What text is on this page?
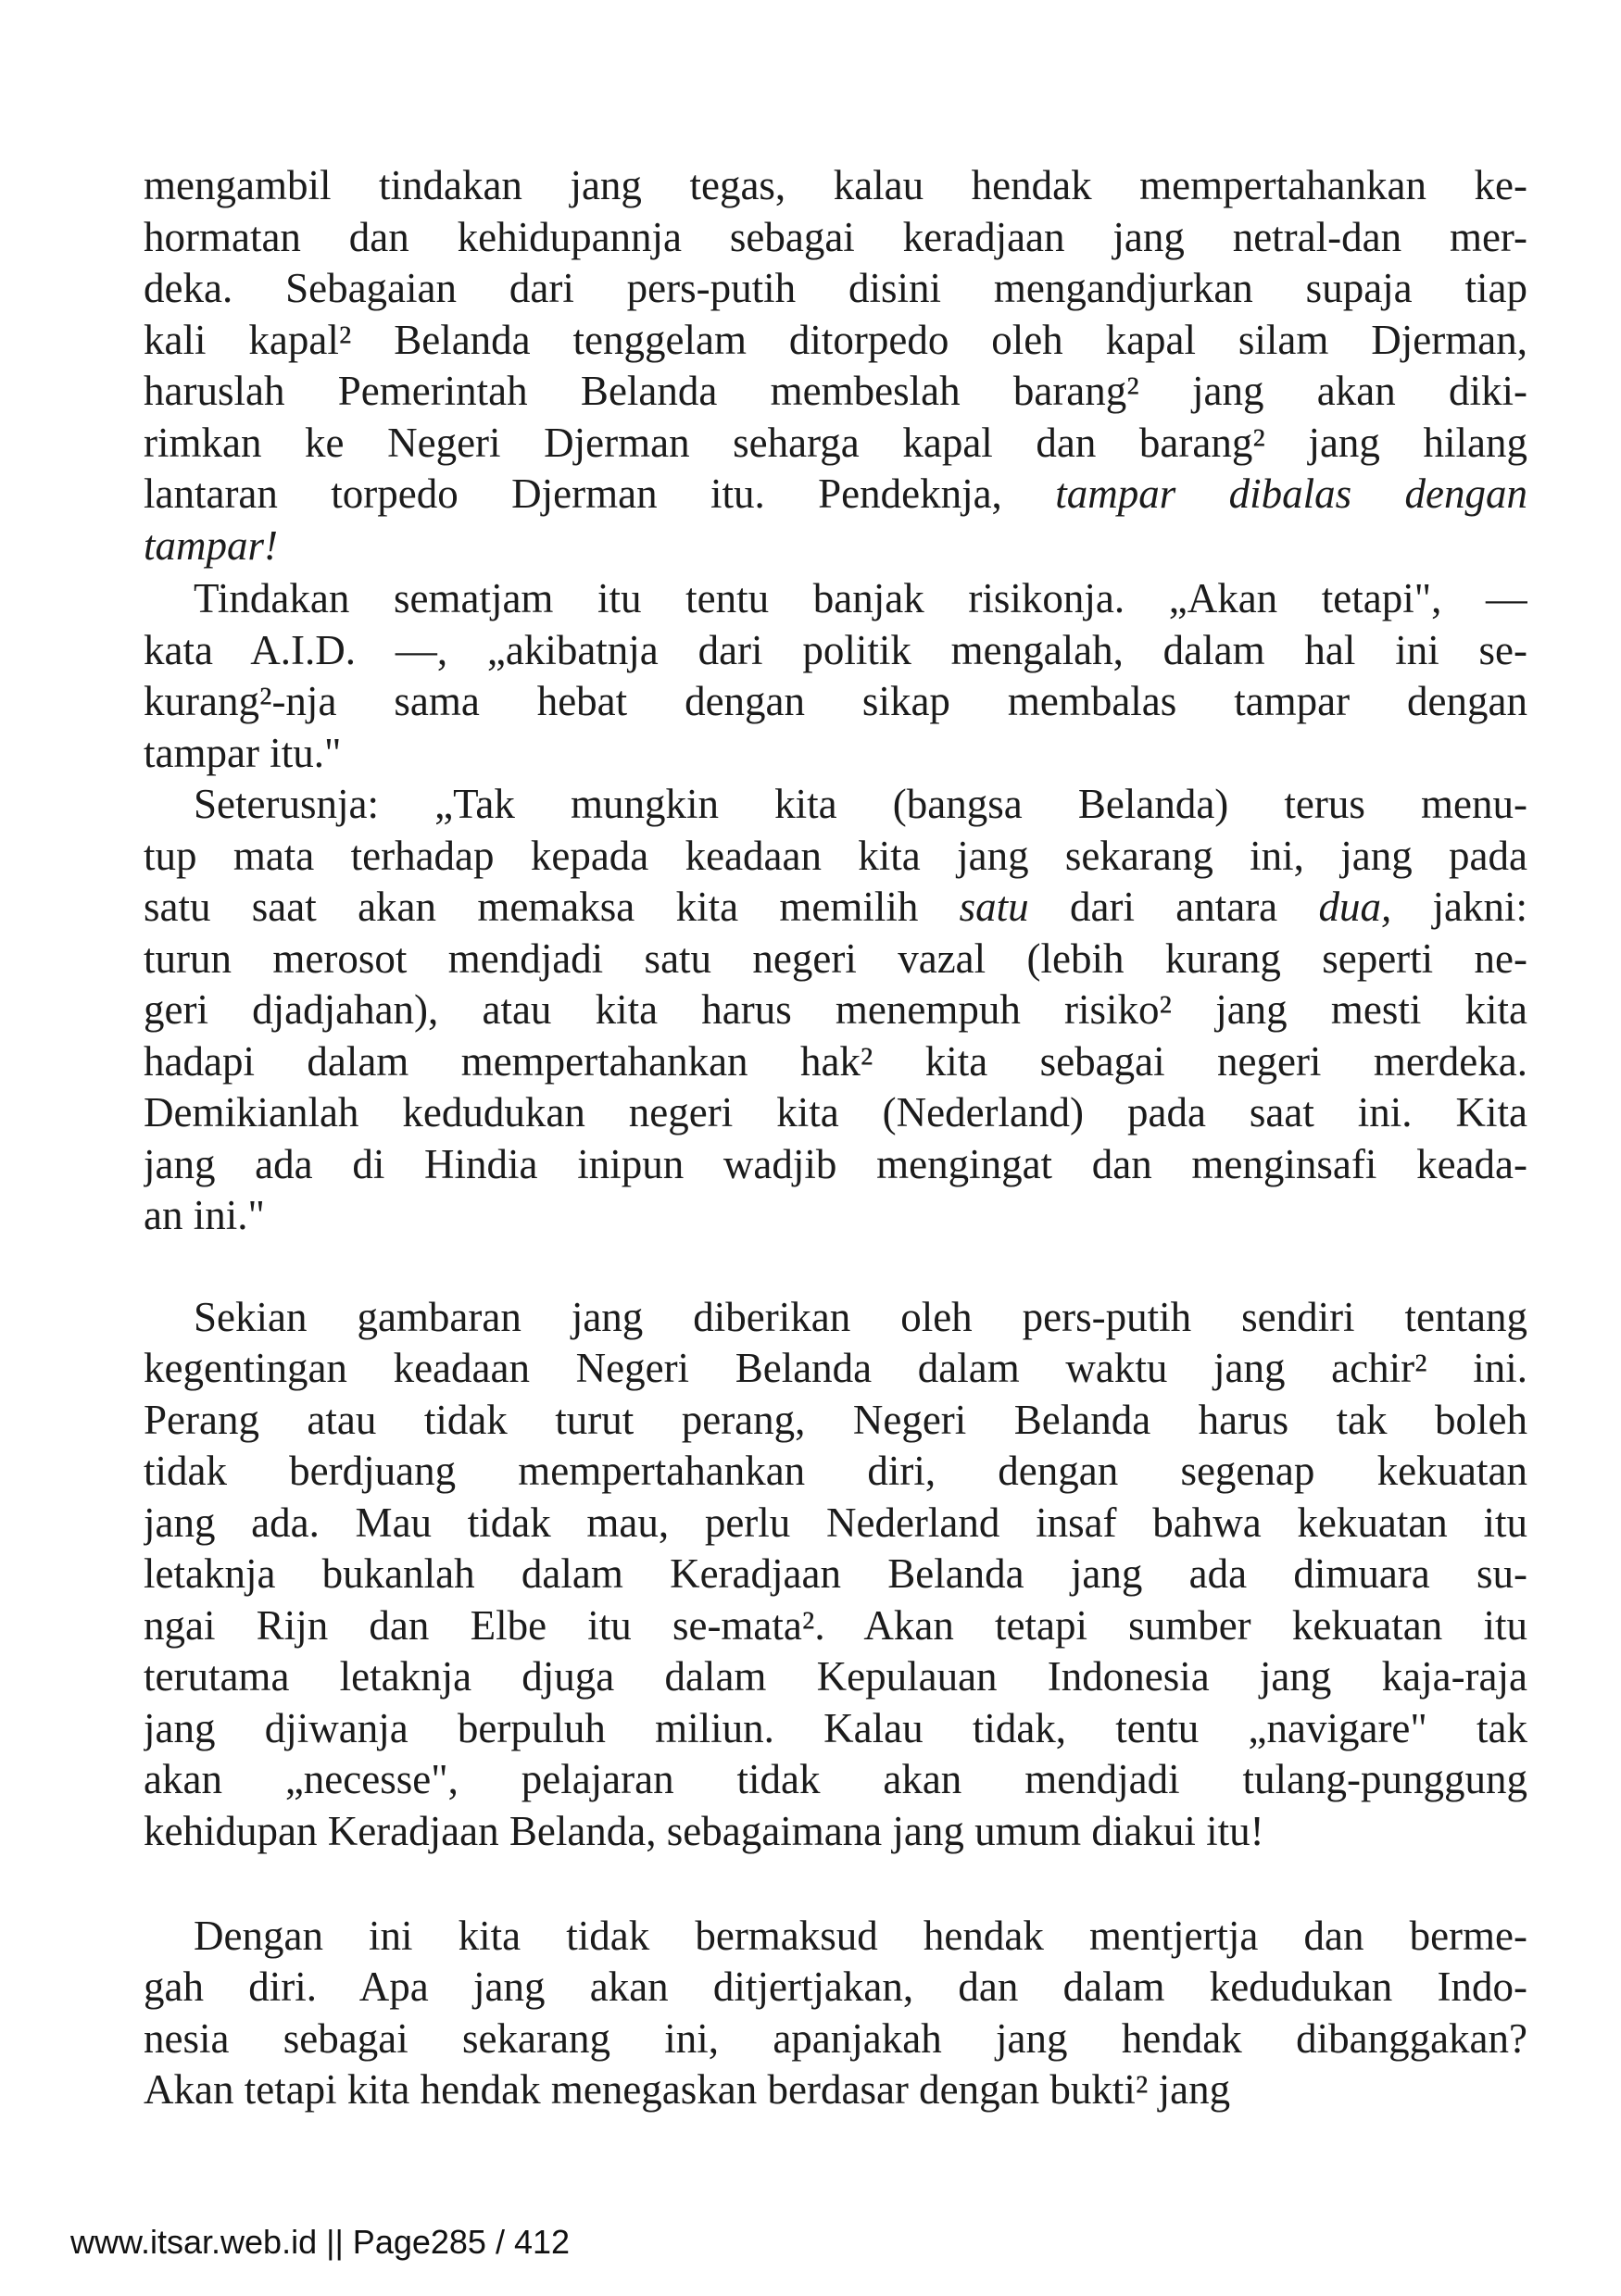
mengambil tindakan jang tegas, kalau hendak mempertahankan ke-
hormatan dan kehidupannja sebagai keradjaan jang netral-dan mer-
deka. Sebagaian dari pers-putih disini mengandjurkan supaja tiap
kali kapal² Belanda tenggelam ditorpedo oleh kapal silam Djerman,
haruslah Pemerintah Belanda membeslah barang² jang akan diki-
rimkan ke Negeri Djerman seharga kapal dan barang² jang hilang
lantaran torpedo Djerman itu. Pendeknja, tampar dibalas dengan
tampar!
Tindakan sematjam itu tentu banjak risikonja. „Akan tetapi", —
kata A.I.D. —, „akibatnja dari politik mengalah, dalam hal ini se-
kurang²-nja sama hebat dengan sikap membalas tampar dengan
tampar itu."
Seterusnja: „Tak mungkin kita (bangsa Belanda) terus menu-
tup mata terhadap kepada keadaan kita jang sekarang ini, jang pada
satu saat akan memaksa kita memilih satu dari antara dua, jakni:
turun merosot mendjadi satu negeri vazal (lebih kurang seperti ne-
geri djadjahan), atau kita harus menempuh risiko² jang mesti kita
hadapi dalam mempertahankan hak² kita sebagai negeri merdeka.
Demikianlah kedudukan negeri kita (Nederland) pada saat ini. Kita
jang ada di Hindia inipun wadjib mengingat dan menginsafi keada-
an ini."
Sekian gambaran jang diberikan oleh pers-putih sendiri tentang
kegentingan keadaan Negeri Belanda dalam waktu jang achir² ini.
Perang atau tidak turut perang, Negeri Belanda harus tak boleh
tidak berdjuang mempertahankan diri, dengan segenap kekuatan
jang ada. Mau tidak mau, perlu Nederland insaf bahwa kekuatan itu
letaknja bukanlah dalam Keradjaan Belanda jang ada dimuara su-
ngai Rijn dan Elbe itu se-mata². Akan tetapi sumber kekuatan itu
terutama letaknja djuga dalam Kepulauan Indonesia jang kaja-raja
jang djiwanja berpuluh miliun. Kalau tidak, tentu „navigare" tak
akan „necesse", pelajaran tidak akan mendjadi tulang-punggung
kehidupan Keradjaan Belanda, sebagaimana jang umum diakui itu!
Dengan ini kita tidak bermaksud hendak mentjertja dan berme-
gah diri. Apa jang akan ditjertjakan, dan dalam kedudukan Indo-
nesia sebagai sekarang ini, apanjakah jang hendak dibanggakan?
Akan tetapi kita hendak menegaskan berdasar dengan bukti² jang
www.itsar.web.id || Page285 / 412
